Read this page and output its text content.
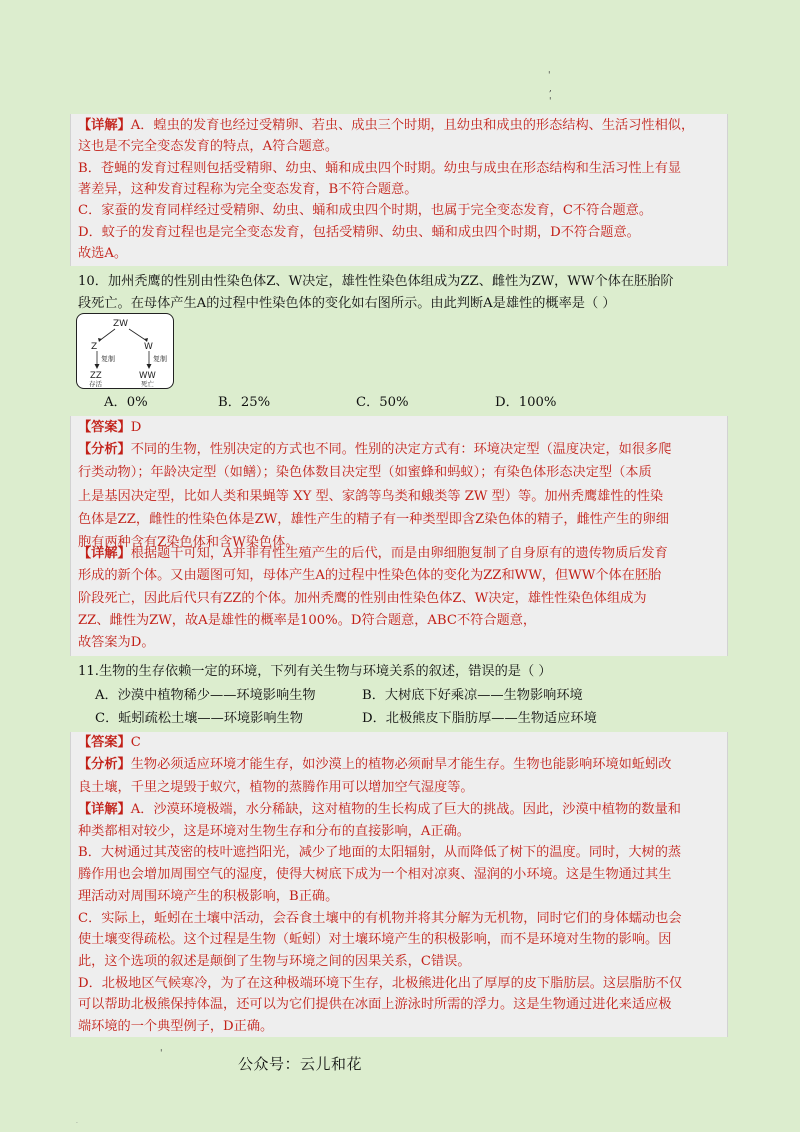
'
,
'
【详解】A．蝗虫的发育也经过受精卵、若虫、成虫三个时期，且幼虫和成虫的形态结构、生活习性相似，
这也是不完全变态发育的特点，A符合题意。
B．苍蝇的发育过程则包括受精卵、幼虫、蛹和成虫四个时期。幼虫与成虫在形态结构和生活习性上有显
著差异，这种发育过程称为完全变态发育，B不符合题意。
C．家蚕的发育同样经过受精卵、幼虫、蛹和成虫四个时期，也属于完全变态发育，C不符合题意。
D．蚊子的发育过程也是完全变态发育，包括受精卵、幼虫、蛹和成虫四个时期，D不符合题意。
故选A。
10．加州秃鹰的性别由性染色体Z、W决定，雄性性染色体组成为ZZ、雌性为ZW，WW个体在胚胎阶
段死亡。在母体产生A的过程中性染色体的变化如右图所示。由此判断A是雄性的概率是（ ）
ZW
Z	W
复制	复制
ZZ	WW
存活	死亡
A．0%	B．25%	C．50%	D．100%
【答案】D
【分析】不同的生物，性别决定的方式也不同。性别的决定方式有：环境决定型（温度决定，如很多爬
行类动物）；年龄决定型（如鳝）；染色体数目决定型（如蜜蜂和蚂蚁）；有染色体形态决定型（本质
上是基因决定型，比如人类和果蝇等 XY 型、家鸽等鸟类和蛾类等 ZW 型）等。加州秃鹰雄性的性染
色体是ZZ，雌性的性染色体是ZW，雄性产生的精子有一种类型即含Z染色体的精子，雌性产生的卵细
胞有两种含有Z染色体和含W染色体。
【详解】根据题干可知，A并非有性生殖产生的后代，而是由卵细胞复制了自身原有的遗传物质后发育
形成的新个体。又由题图可知，母体产生A的过程中性染色体的变化为ZZ和WW，但WW个体在胚胎
阶段死亡，因此后代只有ZZ的个体。加州秃鹰的性别由性染色体Z、W决定，雄性性染色体组成为
ZZ、雌性为ZW，故A是雄性的概率是100%。D符合题意，ABC不符合题意，
故答案为D。
11.生物的生存依赖一定的环境，下列有关生物与环境关系的叙述，错误的是（ ）
A．沙漠中植物稀少——环境影响生物	B．大树底下好乘凉——生物影响环境
C．蚯蚓疏松土壤——环境影响生物	D．北极熊皮下脂肪厚——生物适应环境
【答案】C
【分析】生物必须适应环境才能生存，如沙漠上的植物必须耐旱才能生存。生物也能影响环境如蚯蚓改
良土壤，千里之堤毁于蚁穴，植物的蒸腾作用可以增加空气湿度等。
【详解】A．沙漠环境极端，水分稀缺，这对植物的生长构成了巨大的挑战。因此，沙漠中植物的数量和
种类都相对较少，这是环境对生物生存和分布的直接影响，A正确。
B．大树通过其茂密的枝叶遮挡阳光，减少了地面的太阳辐射，从而降低了树下的温度。同时，大树的蒸
腾作用也会增加周围空气的湿度，使得大树底下成为一个相对凉爽、湿润的小环境。这是生物通过其生
理活动对周围环境产生的积极影响，B正确。
C．实际上，蚯蚓在土壤中活动，会吞食土壤中的有机物并将其分解为无机物，同时它们的身体蠕动也会
使土壤变得疏松。这个过程是生物（蚯蚓）对土壤环境产生的积极影响，而不是环境对生物的影响。因
此，这个选项的叙述是颠倒了生物与环境之间的因果关系，C错误。
D．北极地区气候寒冷，为了在这种极端环境下生存，北极熊进化出了厚厚的皮下脂肪层。这层脂肪不仅
可以帮助北极熊保持体温，还可以为它们提供在冰面上游泳时所需的浮力。这是生物通过进化来适应极
端环境的一个典型例子，D正确。
'
·
公众号：云儿和花
